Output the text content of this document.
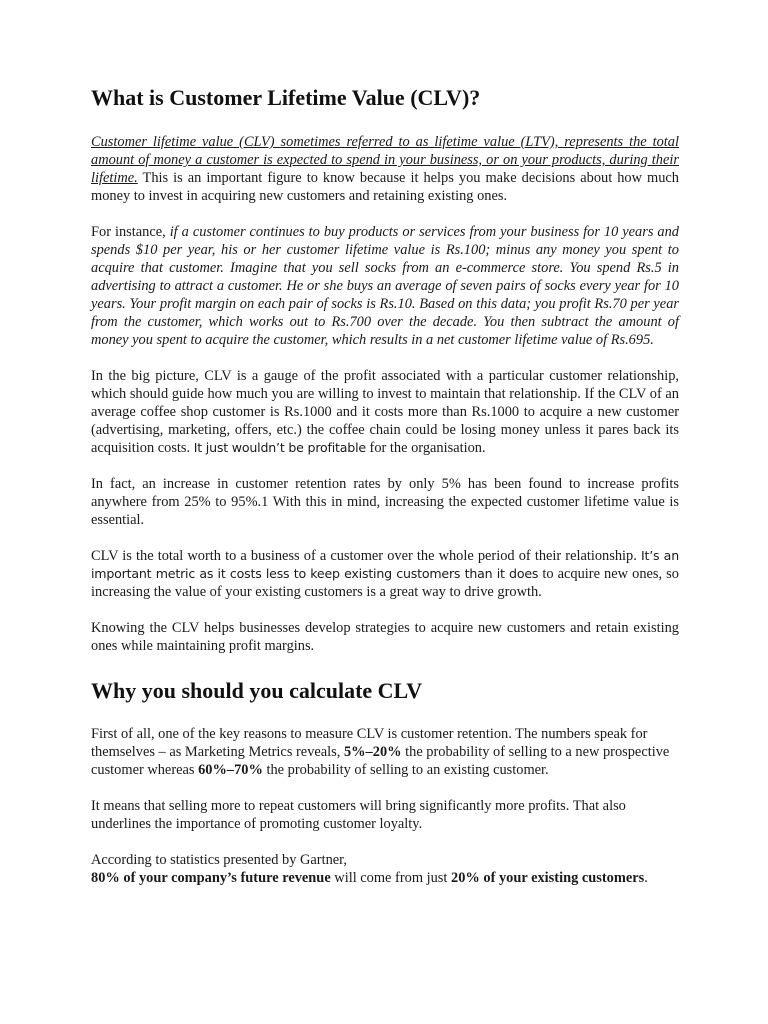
What is Customer Lifetime Value (CLV)?

Customer lifetime value (CLV) sometimes referred to as lifetime value (LTV), represents the total amount of money a customer is expected to spend in your business, or on your products, during their lifetime. This is an important figure to know because it helps you make decisions about how much money to invest in acquiring new customers and retaining existing ones.

For instance, if a customer continues to buy products or services from your business for 10 years and spends $10 per year, his or her customer lifetime value is Rs.100; minus any money you spent to acquire that customer. Imagine that you sell socks from an e-commerce store. You spend Rs.5 in advertising to attract a customer. He or she buys an average of seven pairs of socks every year for 10 years. Your profit margin on each pair of socks is Rs.10. Based on this data; you profit Rs.70 per year from the customer, which works out to Rs.700 over the decade. You then subtract the amount of money you spent to acquire the customer, which results in a net customer lifetime value of Rs.695.

In the big picture, CLV is a gauge of the profit associated with a particular customer relationship, which should guide how much you are willing to invest to maintain that relationship. If the CLV of an average coffee shop customer is Rs.1000 and it costs more than Rs.1000 to acquire a new customer (advertising, marketing, offers, etc.) the coffee chain could be losing money unless it pares back its acquisition costs. It just wouldn’t be profitable for the organisation.

In fact, an increase in customer retention rates by only 5% has been found to increase profits anywhere from 25% to 95%.1 With this in mind, increasing the expected customer lifetime value is essential.

CLV is the total worth to a business of a customer over the whole period of their relationship. It’s an important metric as it costs less to keep existing customers than it does to acquire new ones, so increasing the value of your existing customers is a great way to drive growth.

Knowing the CLV helps businesses develop strategies to acquire new customers and retain existing ones while maintaining profit margins.

Why you should you calculate CLV

First of all, one of the key reasons to measure CLV is customer retention. The numbers speak for themselves – as Marketing Metrics reveals, 5%–20% the probability of selling to a new prospective customer whereas 60%–70% the probability of selling to an existing customer.

It means that selling more to repeat customers will bring significantly more profits. That also underlines the importance of promoting customer loyalty.

According to statistics presented by Gartner,

80% of your company’s future revenue will come from just 20% of your existing customers.
